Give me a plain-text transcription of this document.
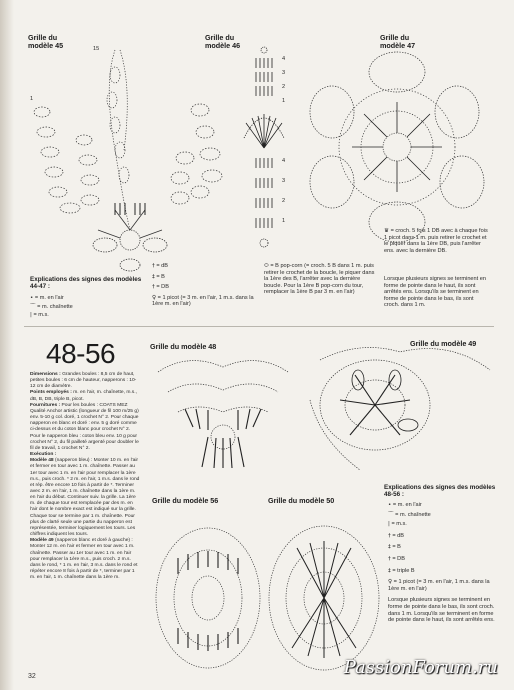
Grille du
modèle 45	15
1
Grille du
modèle 46
4
3
2
1
4
3
2
1
Grille du
modèle 47
Explications des signes des modèles 44-47 :
• = m. en l'air
⌒ = m. chaînette
| = m.s.
† = dB
‡ = B
† = DB
♀ = 1 picot (= 3 m. en l'air, 1 m.s. dans la 1ère m. en l'air)
⬭ = B pop-corn (= croch. 5 B dans 1 m. puis retirer le crochet de la boucle, le piquer dans la 1ère des B, l'arrêter avec la dernière boucle. Pour la 1ère B pop-corn du tour, remplacer la 1ère B par 3 m. en l'air)
♛ = croch. 5 fois 1 DB avec à chaque fois 1 picot dans 1 m. puis retirer le crochet et le piquer dans la 1ère DB, puis l'arrêter ens. avec la dernière DB.
Lorsque plusieurs signes se terminent en forme de pointe dans le haut, ils sont arrêtés ens. Lorsqu'ils se terminent en forme de pointe dans le bas, ils sont croch. dans 1 m.
48-56
Dimensions : Grandes boules : 8,5 cm de haut, petites boules : 6 cm de hauteur, napperons : 10-12 cm de diamètre.
Points employés : m. en l'air, m. chaînette, m.s., dB, B, DB, triple B, picot.
Fournitures : Pour les boules : COATS MEZ Qualité Anchor artistic (longueur de fil 100 m/25 g) env. 5-10 g col. doré, 1 crochet N° 2. Pour chaque napperon en blanc et doré : env. 5 g doré comme ci-dessus et du coton blanc pour crochet N° 2. Pour le napperon bleu : coton bleu env. 10 g pour crochet N° 2, du fil pailleté argenté pour doubler le fil de travail, 1 crochet N° 2.
Exécution :
Modèle 48 (napperon bleu) : Monter 10 m. en l'air et fermer en tour avec 1 m. chaînette. Passer au 1er tour avec 1 m. en l'air pour remplacer la 1ère m.s., puis croch. * 2 m. en l'air, 1 m.s. dans le rond et rép. être encore 10 fois à partir de *. Terminer avec 2 m. en l'air, 1 m. chaînette dans la 1ère m. en l'air du début. Continuer suiv. la grille. La 1ère m. de chaque tour est remplacée par des m. en l'air dont le nombre exact est indiqué sur la grille. Chaque tour se termine par 1 m. chaînette. Pour plus de clarté seule une partie du napperon est représentée, terminer logiquement les tours. Les chiffres indiquent les tours.
Modèle 49 (napperon blanc et doré à gauche) : Monter 12 m. en l'air et fermer en tour avec 1 m. chaînette. Passer au 1er tour avec 1 m. en l'air pour remplacer la 1ère m.s., puis croch. 2 m.s. dans le rond, * 1 m. en l'air, 3 m.s. dans le rond et répéter encore 8 fois à partir de *, terminer par 1 m. en l'air, 1 m. chaînette dans la 1ère m.
Grille du modèle 48	Grille du modèle 49
Grille du modèle 56	Grille du modèle 50
Explications des signes des modèles 48-56 :
• = m. en l'air
⌒ = m. chaînette
| = m.s.
† = dB
‡ = B
† = DB
‡ = triple B
♀ = 1 picot (= 3 m. en l'air, 1 m.s. dans la 1ère m. en l'air)
Lorsque plusieurs signes se terminent en forme de pointe dans le bas, ils sont croch. dans 1 m. Lorsqu'ils se terminent en forme de pointe dans le haut, ils sont arrêtés ens.
32	PassionForum.ru
